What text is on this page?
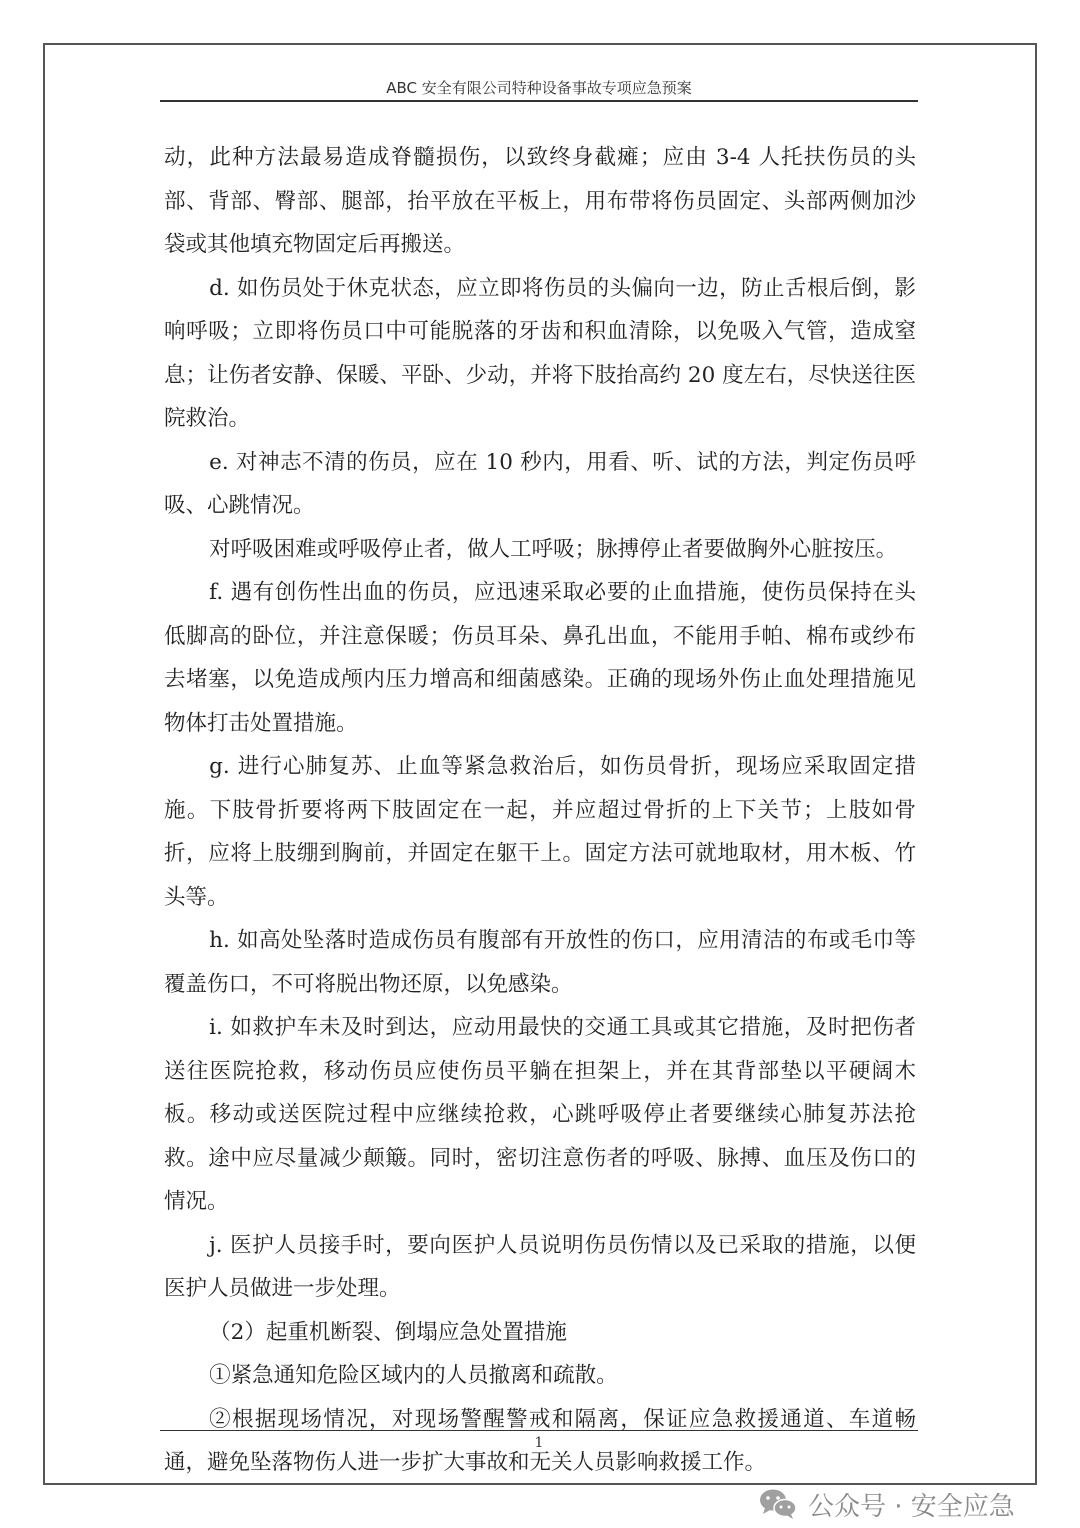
ABC 安全有限公司特种设备事故专项应急预案

动，此种方法最易造成脊髓损伤，以致终身截瘫；应由 3-4 人托扶伤员的头部、背部、臀部、腿部，抬平放在平板上，用布带将伤员固定、头部两侧加沙袋或其他填充物固定后再搬送。

d. 如伤员处于休克状态，应立即将伤员的头偏向一边，防止舌根后倒，影响呼吸；立即将伤员口中可能脱落的牙齿和积血清除，以免吸入气管，造成窒息；让伤者安静、保暖、平卧、少动，并将下肢抬高约 20 度左右，尽快送往医院救治。

e. 对神志不清的伤员，应在 10 秒内，用看、听、试的方法，判定伤员呼吸、心跳情况。

对呼吸困难或呼吸停止者，做人工呼吸；脉搏停止者要做胸外心脏按压。

f. 遇有创伤性出血的伤员，应迅速采取必要的止血措施，使伤员保持在头低脚高的卧位，并注意保暖；伤员耳朵、鼻孔出血，不能用手帕、棉布或纱布去堵塞，以免造成颅内压力增高和细菌感染。正确的现场外伤止血处理措施见物体打击处置措施。

g. 进行心肺复苏、止血等紧急救治后，如伤员骨折，现场应采取固定措施。下肢骨折要将两下肢固定在一起，并应超过骨折的上下关节；上肢如骨折，应将上肢绷到胸前，并固定在躯干上。固定方法可就地取材，用木板、竹头等。

h. 如高处坠落时造成伤员有腹部有开放性的伤口，应用清洁的布或毛巾等覆盖伤口，不可将脱出物还原，以免感染。

i. 如救护车未及时到达，应动用最快的交通工具或其它措施，及时把伤者送往医院抢救，移动伤员应使伤员平躺在担架上，并在其背部垫以平硬阔木板。移动或送医院过程中应继续抢救，心跳呼吸停止者要继续心肺复苏法抢救。途中应尽量减少颠簸。同时，密切注意伤者的呼吸、脉搏、血压及伤口的情况。

j. 医护人员接手时，要向医护人员说明伤员伤情以及已采取的措施，以便医护人员做进一步处理。

（2）起重机断裂、倒塌应急处置措施

①紧急通知危险区域内的人员撤离和疏散。

②根据现场情况，对现场警醒警戒和隔离，保证应急救援通道、车道畅通，避免坠落物伤人进一步扩大事故和无关人员影响救援工作。

1
公众号 · 安全应急
